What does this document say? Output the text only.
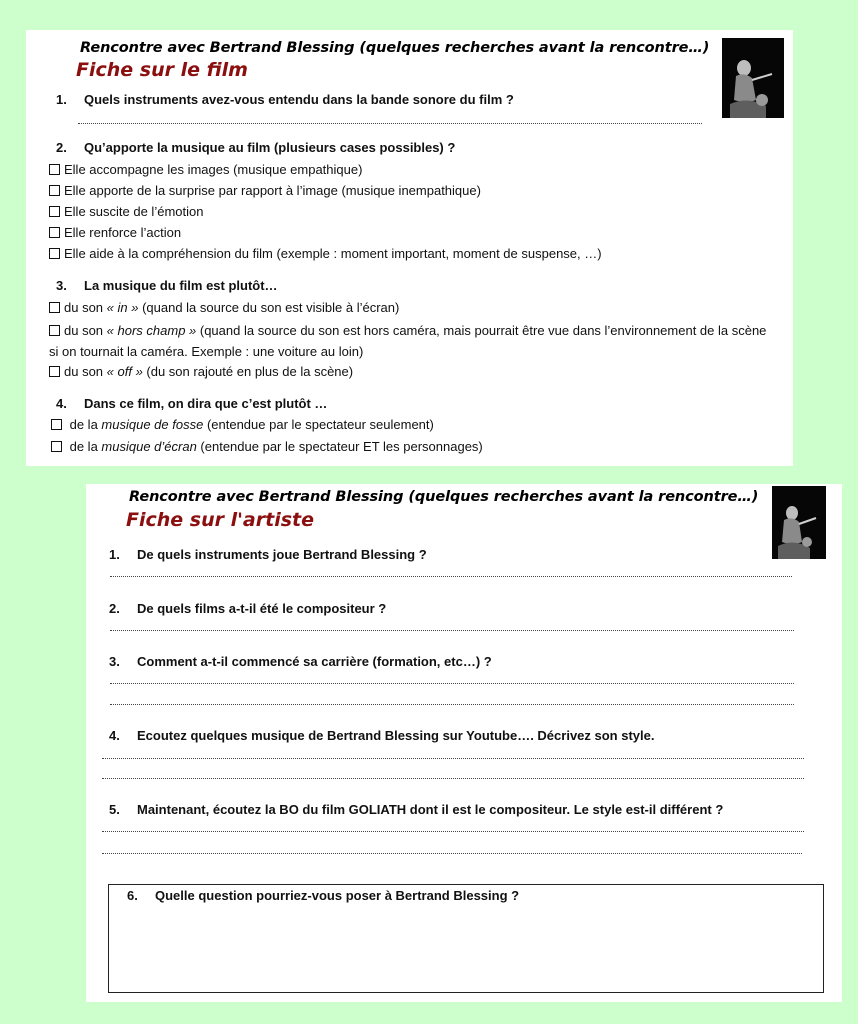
Rencontre avec Bertrand Blessing (quelques recherches avant la rencontre…)
Fiche sur le film
1. Quels instruments avez-vous entendu dans la bande sonore du film ?
2. Qu’apporte la musique au film (plusieurs cases possibles) ?
Elle accompagne les images (musique empathique)
Elle apporte de la surprise par rapport à l’image (musique inempathique)
Elle suscite de l’émotion
Elle renforce l’action
Elle aide à la compréhension du film (exemple : moment important, moment de suspense, …)
3. La musique du film est plutôt…
du son « in » (quand la source du son est visible à l’écran)
du son « hors champ » (quand la source du son est hors caméra, mais pourrait être vue dans l’environnement de la scène si on tournait la caméra. Exemple : une voiture au loin)
du son « off » (du son rajouté en plus de la scène)
4. Dans ce film, on dira que c’est plutôt …
de la musique de fosse (entendue par le spectateur seulement)
de la musique d’écran (entendue par le spectateur ET les personnages)
Rencontre avec Bertrand Blessing (quelques recherches avant la rencontre…)
Fiche sur l'artiste
1. De quels instruments joue Bertrand Blessing ?
2. De quels films a-t-il été le compositeur ?
3. Comment a-t-il commencé sa carrière (formation, etc…) ?
4. Ecoutez quelques musique de Bertrand Blessing sur Youtube…. Décrivez son style.
5. Maintenant, écoutez la BO du film GOLIATH dont il est le compositeur. Le style est-il différent ?
6. Quelle question pourriez-vous poser à Bertrand Blessing ?
